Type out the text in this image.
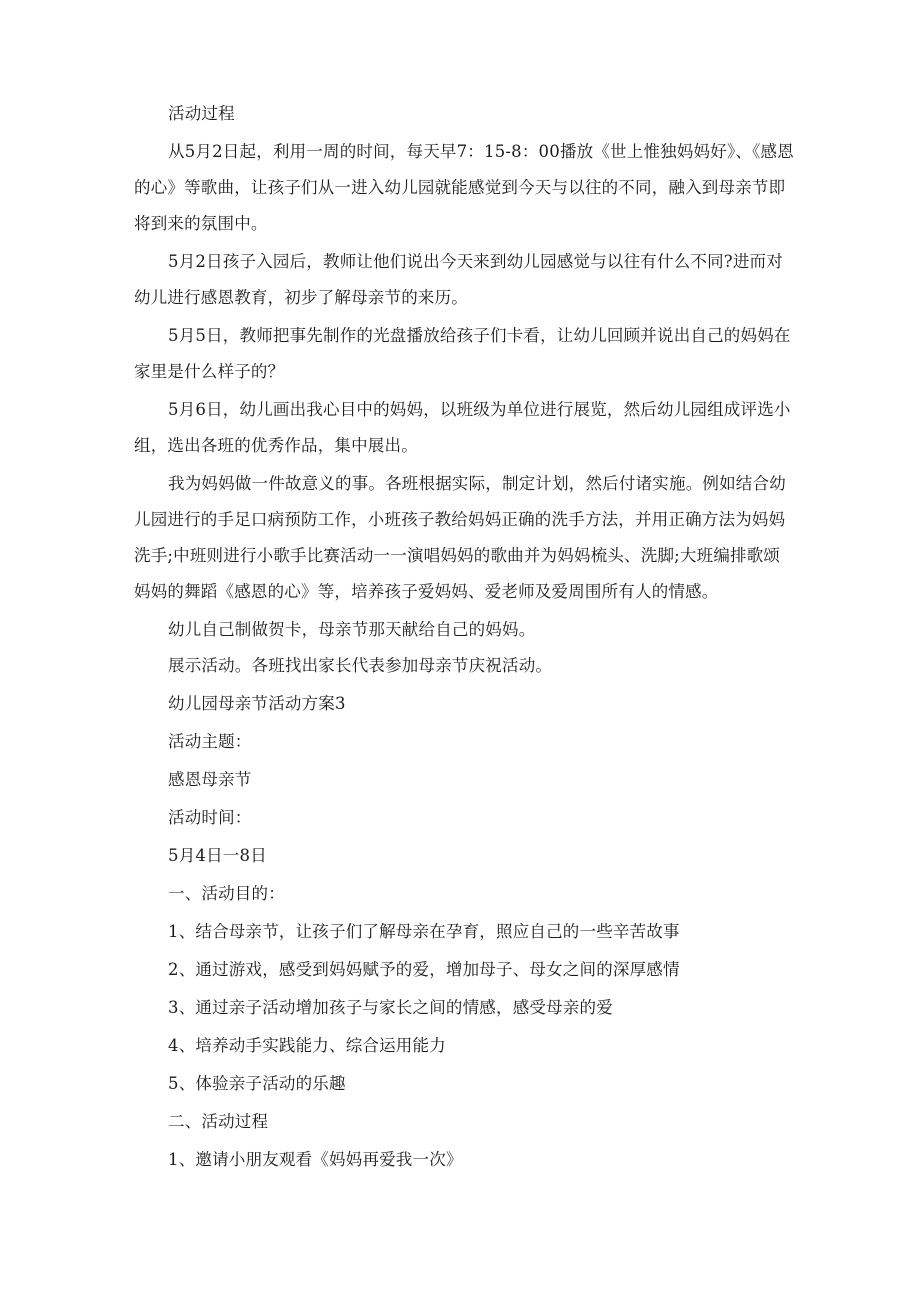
活动过程

从5月2日起，利用一周的时间，每天早7：15-8：00播放《世上惟独妈妈好》、《感恩的心》等歌曲，让孩子们从一进入幼儿园就能感觉到今天与以往的不同，融入到母亲节即将到来的氛围中。

5月2日孩子入园后，教师让他们说出今天来到幼儿园感觉与以往有什么不同?进而对幼儿进行感恩教育，初步了解母亲节的来历。

5月5日，教师把事先制作的光盘播放给孩子们卡看，让幼儿回顾并说出自己的妈妈在家里是什么样子的？

5月6日，幼儿画出我心目中的妈妈，以班级为单位进行展览，然后幼儿园组成评选小组，选出各班的优秀作品，集中展出。

我为妈妈做一件故意义的事。各班根据实际，制定计划，然后付诸实施。例如结合幼儿园进行的手足口病预防工作，小班孩子教给妈妈正确的洗手方法，并用正确方法为妈妈洗手;中班则进行小歌手比赛活动一一演唱妈妈的歌曲并为妈妈梳头、洗脚;大班编排歌颂妈妈的舞蹈《感恩的心》等，培养孩子爱妈妈、爱老师及爱周围所有人的情感。

幼儿自己制做贺卡，母亲节那天献给自己的妈妈。

展示活动。各班找出家长代表参加母亲节庆祝活动。

幼儿园母亲节活动方案3

活动主题：

感恩母亲节

活动时间：

5月4日一8日

一、活动目的：

1、结合母亲节，让孩子们了解母亲在孕育，照应自己的一些辛苦故事

2、通过游戏，感受到妈妈赋予的爱，增加母子、母女之间的深厚感情

3、通过亲子活动增加孩子与家长之间的情感，感受母亲的爱

4、培养动手实践能力、综合运用能力

5、体验亲子活动的乐趣

二、活动过程

1、邀请小朋友观看《妈妈再爱我一次》
